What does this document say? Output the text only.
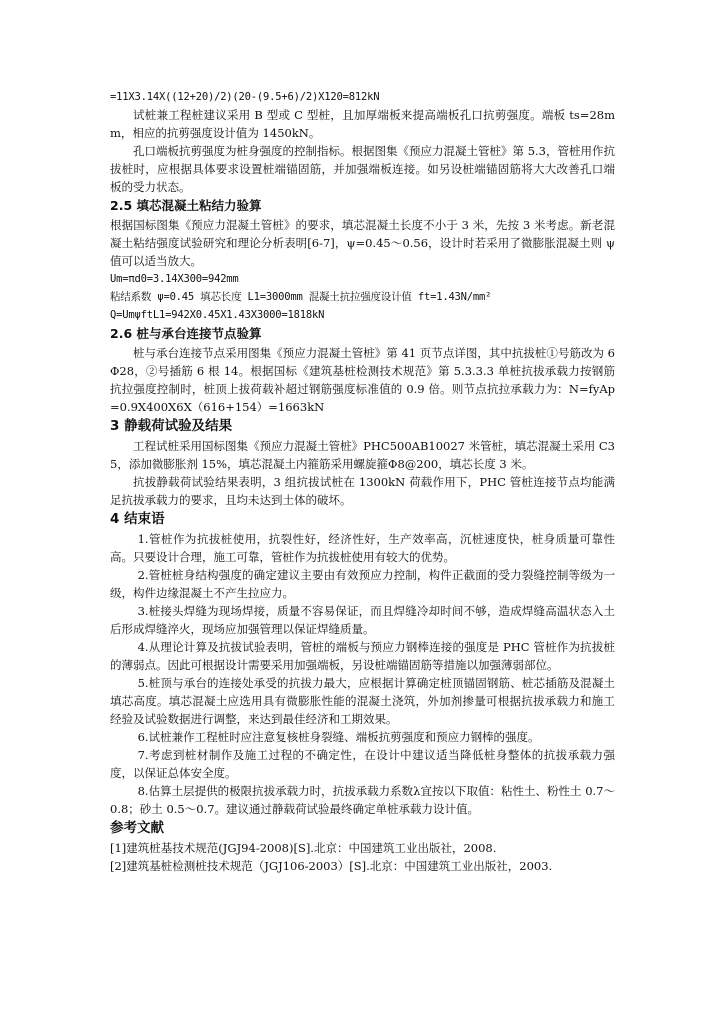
=11X3.14X((12+20)/2)(20-(9.5+6)/2)X120=812kN

试桩兼工程桩建议采用 B 型或 C 型桩，且加厚端板来提高端板孔口抗剪强度。端板 ts=28mm，相应的抗剪强度设计值为 1450kN。

孔口端板抗剪强度为桩身强度的控制指标。根据图集《预应力混凝土管桩》第 5.3，管桩用作抗拔桩时，应根据具体要求设置桩端锚固筋，并加强端板连接。如另设桩端锚固筋将大大改善孔口端板的受力状态。

2.5 填芯混凝土粘结力验算

根据国标图集《预应力混凝土管桩》的要求，填芯混凝土长度不小于 3 米，先按 3 米考虑。新老混凝土粘结强度试验研究和理论分析表明[6-7]，ψ=0.45～0.56，设计时若采用了微膨胀混凝土则 ψ 值可以适当放大。

Um=πd0=3.14X300=942mm

粘结系数 ψ=0.45 填芯长度 L1=3000mm 混凝土抗拉强度设计值 ft=1.43N/mm²

Q=UmψftL1=942X0.45X1.43X3000=1818kN

2.6 桩与承台连接节点验算

桩与承台连接节点采用图集《预应力混凝土管桩》第 41 页节点详图，其中抗拔桩①号筋改为 6Φ28，②号插筋 6 根 14。根据国标《建筑基桩检测技术规范》第 5.3.3.3 单桩抗拔承载力按钢筋抗拉强度控制时，桩顶上拔荷载补超过钢筋强度标准值的 0.9 倍。则节点抗拉承载力为：N=fyAp=0.9X400X6X（616+154）=1663kN

3 静载荷试验及结果

工程试桩采用国标图集《预应力混凝土管桩》PHC500AB10027 米管桩，填芯混凝土采用 C35，添加微膨胀剂 15%，填芯混凝土内箍筋采用螺旋箍Φ8@200，填芯长度 3 米。

抗拔静载荷试验结果表明，3 组抗拔试桩在 1300kN 荷载作用下，PHC 管桩连接节点均能满足抗拔承载力的要求，且均未达到土体的破坏。

4 结束语

1.管桩作为抗拔桩使用，抗裂性好，经济性好，生产效率高，沉桩速度快，桩身质量可靠性高。只要设计合理，施工可靠，管桩作为抗拔桩使用有较大的优势。

2.管桩桩身结构强度的确定建议主要由有效预应力控制，构件正截面的受力裂缝控制等级为一级，构件边缘混凝土不产生拉应力。

3.桩接头焊缝为现场焊接，质量不容易保证，而且焊缝冷却时间不够，造成焊缝高温状态入土后形成焊缝淬火，现场应加强管理以保证焊缝质量。

4.从理论计算及抗拔试验表明，管桩的端板与预应力钢棒连接的强度是 PHC 管桩作为抗拔桩的薄弱点。因此可根据设计需要采用加强端板，另设桩端锚固筋等措施以加强薄弱部位。

5.桩顶与承台的连接处承受的抗拔力最大，应根据计算确定桩顶锚固钢筋、桩芯插筋及混凝土填芯高度。填芯混凝土应选用具有微膨胀性能的混凝土浇筑，外加剂掺量可根据抗拔承载力和施工经验及试验数据进行调整，来达到最佳经济和工期效果。

6.试桩兼作工程桩时应注意复核桩身裂缝、端板抗剪强度和预应力钢棒的强度。

7.考虑到桩材制作及施工过程的不确定性，在设计中建议适当降低桩身整体的抗拔承载力强度，以保证总体安全度。

8.估算土层提供的极限抗拔承载力时，抗拔承载力系数λ宜按以下取值：粘性土、粉性土 0.7～0.8；砂土 0.5～0.7。建议通过静载荷试验最终确定单桩承载力设计值。

参考文献

[1]建筑桩基技术规范(JGJ94-2008)[S].北京：中国建筑工业出版社，2008.

[2]建筑基桩检测桩技术规范（JGJ106-2003）[S].北京：中国建筑工业出版社，2003.
